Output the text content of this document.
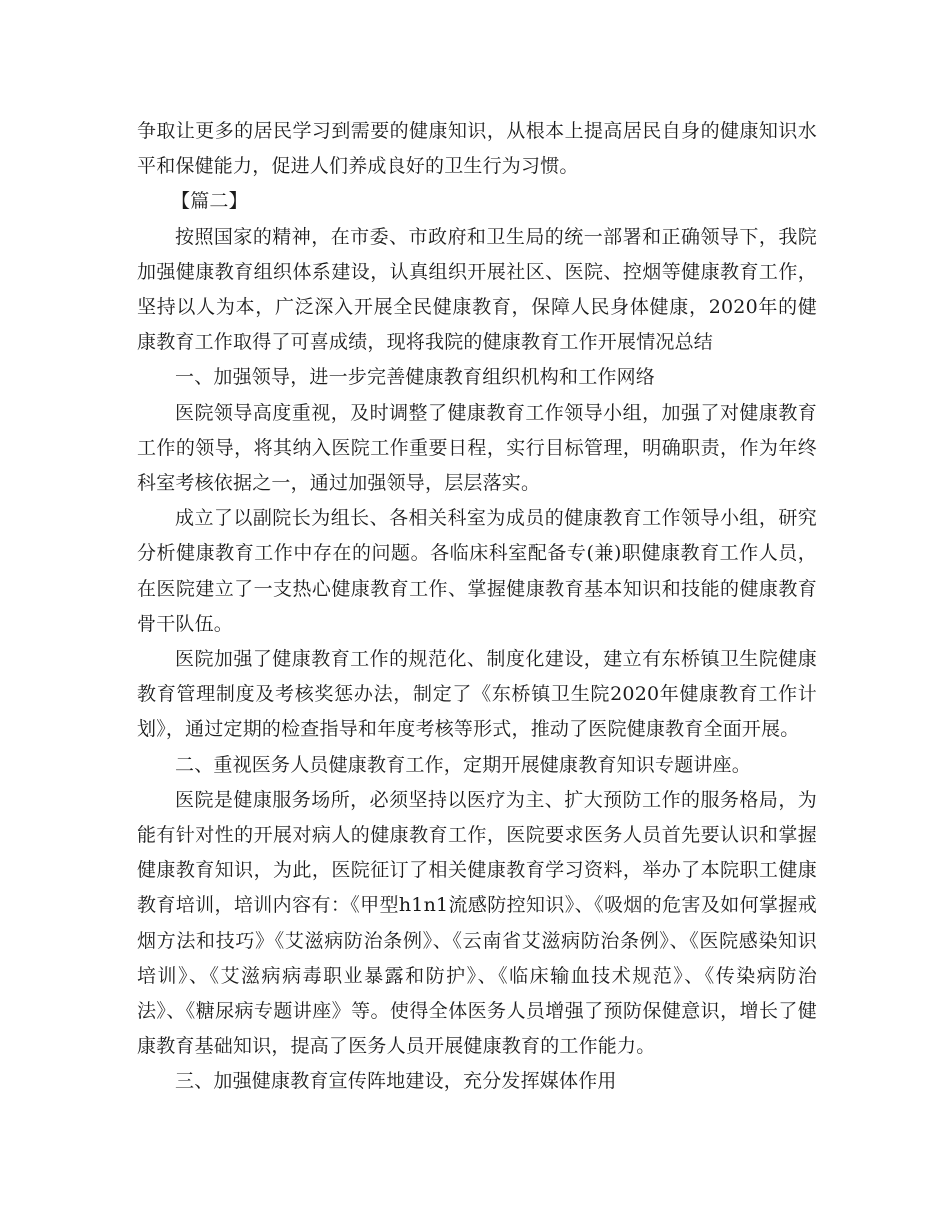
争取让更多的居民学习到需要的健康知识，从根本上提高居民自身的健康知识水平和保健能力，促进人们养成良好的卫生行为习惯。

【篇二】

按照国家的精神，在市委、市政府和卫生局的统一部署和正确领导下，我院加强健康教育组织体系建设，认真组织开展社区、医院、控烟等健康教育工作，坚持以人为本，广泛深入开展全民健康教育，保障人民身体健康，2020年的健康教育工作取得了可喜成绩，现将我院的健康教育工作开展情况总结

一、加强领导，进一步完善健康教育组织机构和工作网络

医院领导高度重视，及时调整了健康教育工作领导小组，加强了对健康教育工作的领导，将其纳入医院工作重要日程，实行目标管理，明确职责，作为年终科室考核依据之一，通过加强领导，层层落实。

成立了以副院长为组长、各相关科室为成员的健康教育工作领导小组，研究分析健康教育工作中存在的问题。各临床科室配备专(兼)职健康教育工作人员，在医院建立了一支热心健康教育工作、掌握健康教育基本知识和技能的健康教育骨干队伍。

医院加强了健康教育工作的规范化、制度化建设，建立有东桥镇卫生院健康教育管理制度及考核奖惩办法，制定了《东桥镇卫生院2020年健康教育工作计划》，通过定期的检查指导和年度考核等形式，推动了医院健康教育全面开展。

二、重视医务人员健康教育工作，定期开展健康教育知识专题讲座。

医院是健康服务场所，必须坚持以医疗为主、扩大预防工作的服务格局，为能有针对性的开展对病人的健康教育工作，医院要求医务人员首先要认识和掌握健康教育知识，为此，医院征订了相关健康教育学习资料，举办了本院职工健康教育培训，培训内容有：《甲型h1n1流感防控知识》、《吸烟的危害及如何掌握戒烟方法和技巧》《艾滋病防治条例》、《云南省艾滋病防治条例》、《医院感染知识培训》、《艾滋病病毒职业暴露和防护》、《临床输血技术规范》、《传染病防治法》、《糖尿病专题讲座》等。使得全体医务人员增强了预防保健意识，增长了健康教育基础知识，提高了医务人员开展健康教育的工作能力。

三、加强健康教育宣传阵地建设，充分发挥媒体作用
